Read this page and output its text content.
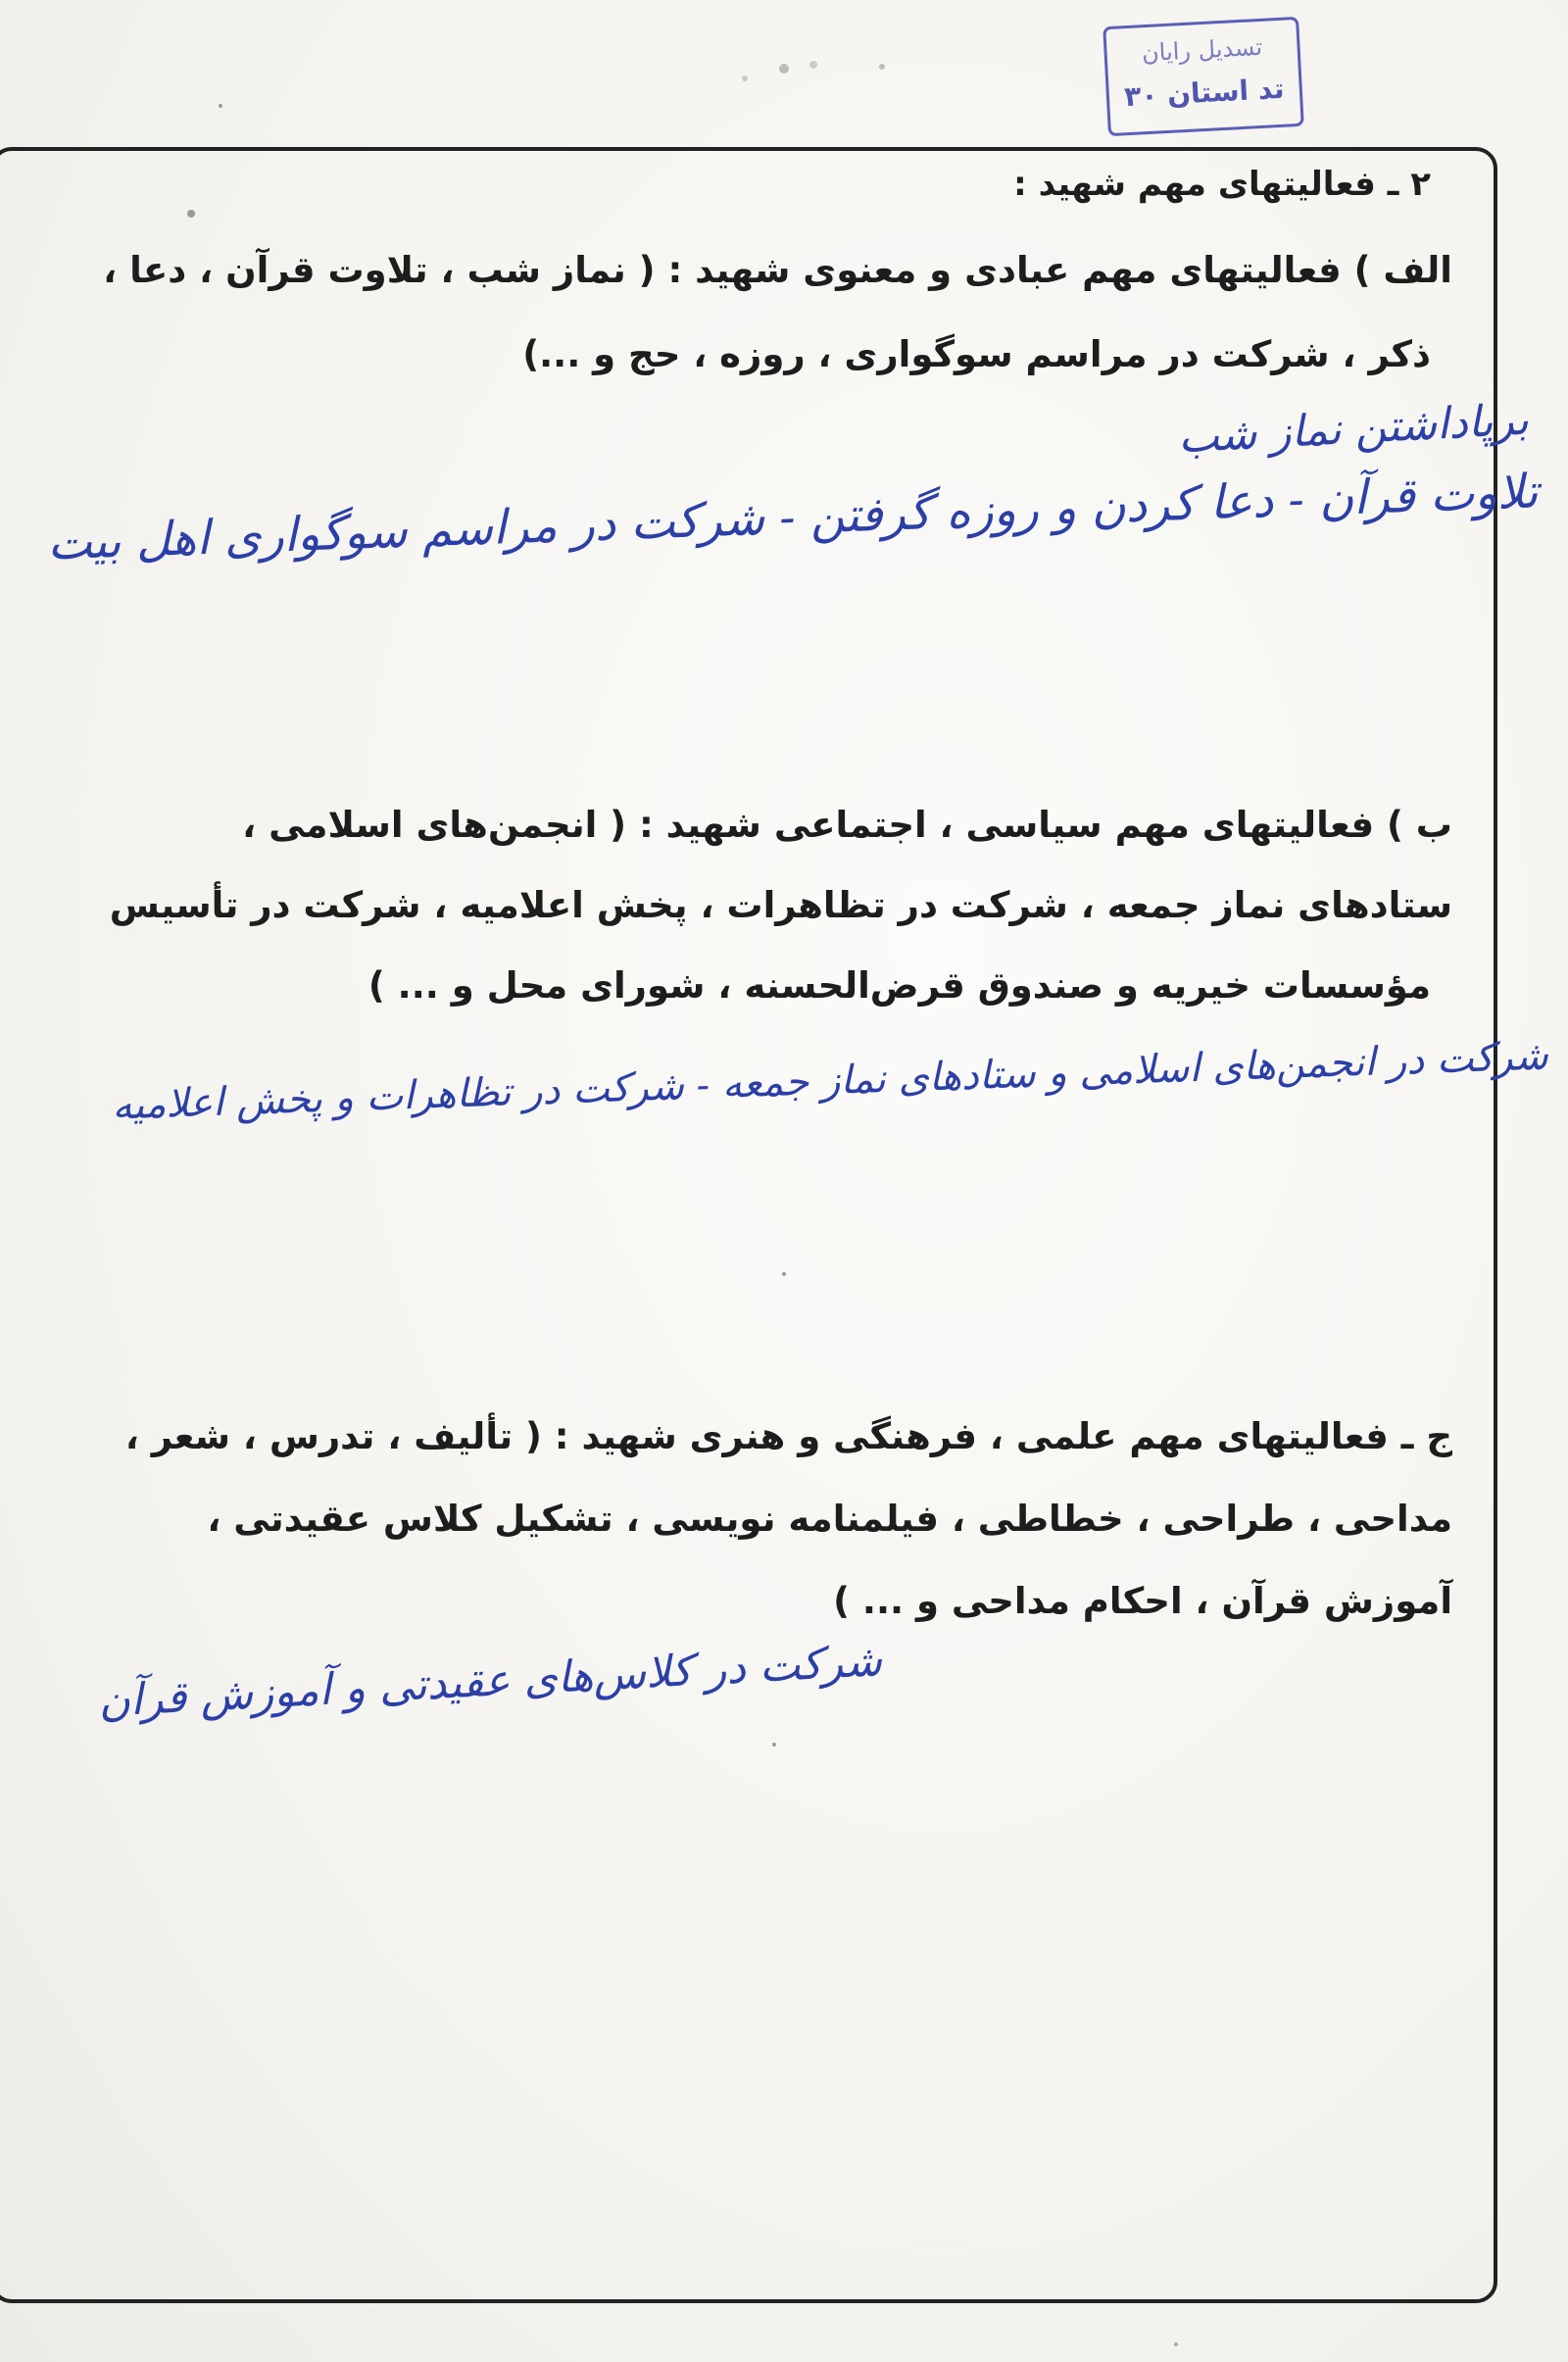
تسدیل رایان
تد استان ۳۰
۲ ـ فعالیتهای مهم شهید :
الف ) فعالیتهای مهم عبادی و معنوی شهید : ( نماز شب ، تلاوت قرآن ، دعا ،
ذکر ، شرکت در مراسم سوگواری ، روزه ، حج و ...)
برپاداشتن نماز شب
تلاوت قرآن - دعا کردن و روزه گرفتن - شرکت در مراسم سوگواری اهل بیت
ب ) فعالیتهای مهم سیاسی ، اجتماعی شهید : ( انجمن‌های اسلامی ،
ستادهای نماز جمعه ، شرکت در تظاهرات ، پخش اعلامیه ، شرکت در تأسیس
مؤسسات خیریه و صندوق قرض‌الحسنه ، شورای محل و ... )
شرکت در انجمن‌های اسلامی و ستادهای نماز جمعه - شرکت در تظاهرات و پخش اعلامیه
ج ـ فعالیتهای مهم علمی ، فرهنگی و هنری شهید : ( تألیف ، تدرس ، شعر ،
مداحی ، طراحی ، خطاطی ، فیلمنامه نویسی ، تشکیل کلاس عقیدتی ،
آموزش قرآن ، احکام مداحی و ... )
شرکت در کلاس‌های عقیدتی و آموزش قرآن
